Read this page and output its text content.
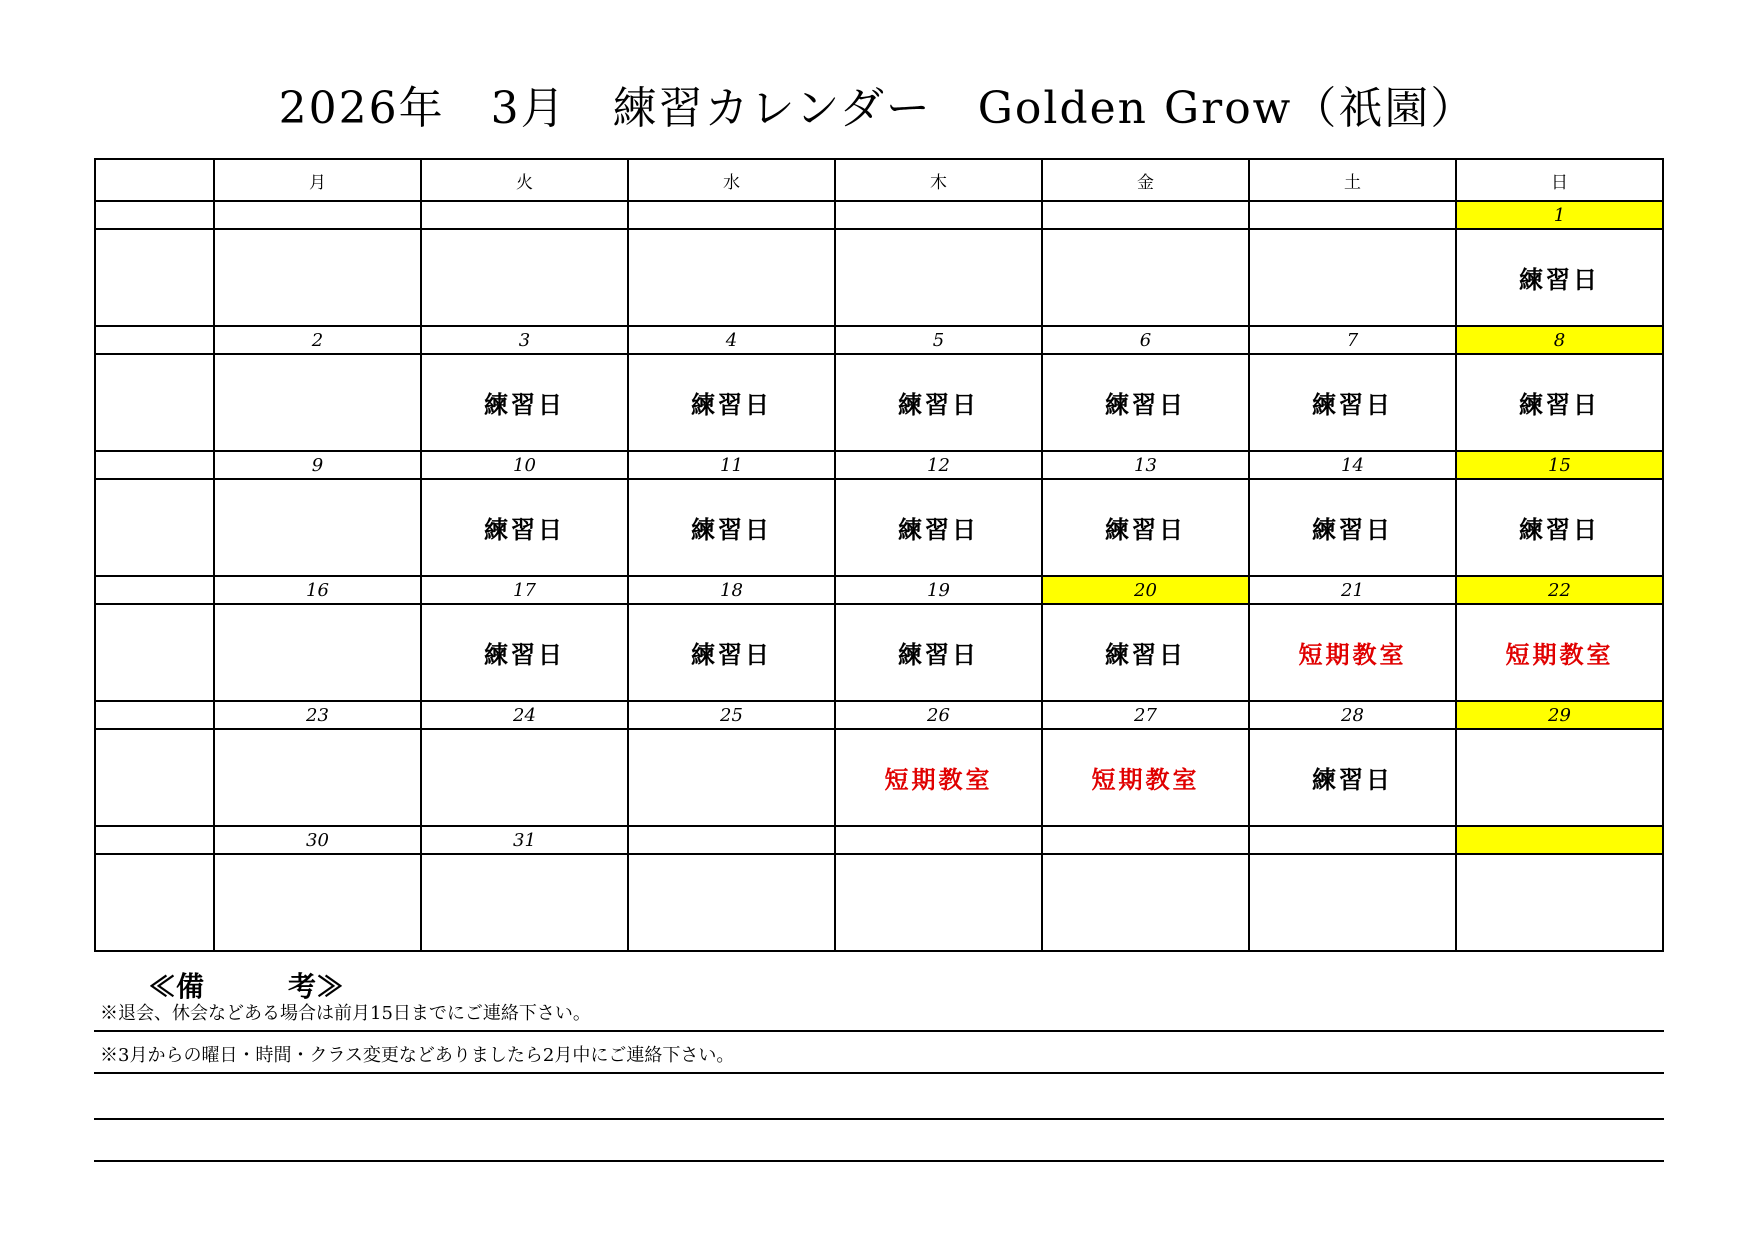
2026年　3月　練習カレンダー　Golden Grow（祇園）
	月	火	水	木	金	土	日
							1
							練習日
	2	3	4	5	6	7	8
		練習日	練習日	練習日	練習日	練習日	練習日
	9	10	11	12	13	14	15
		練習日	練習日	練習日	練習日	練習日	練習日
	16	17	18	19	20	21	22
		練習日	練習日	練習日	練習日	短期教室	短期教室
	23	24	25	26	27	28	29
				短期教室	短期教室	練習日	
	30	31					

≪備　　　考≫
※退会、休会などある場合は前月15日までにご連絡下さい。
※3月からの曜日・時間・クラス変更などありましたら2月中にご連絡下さい。
